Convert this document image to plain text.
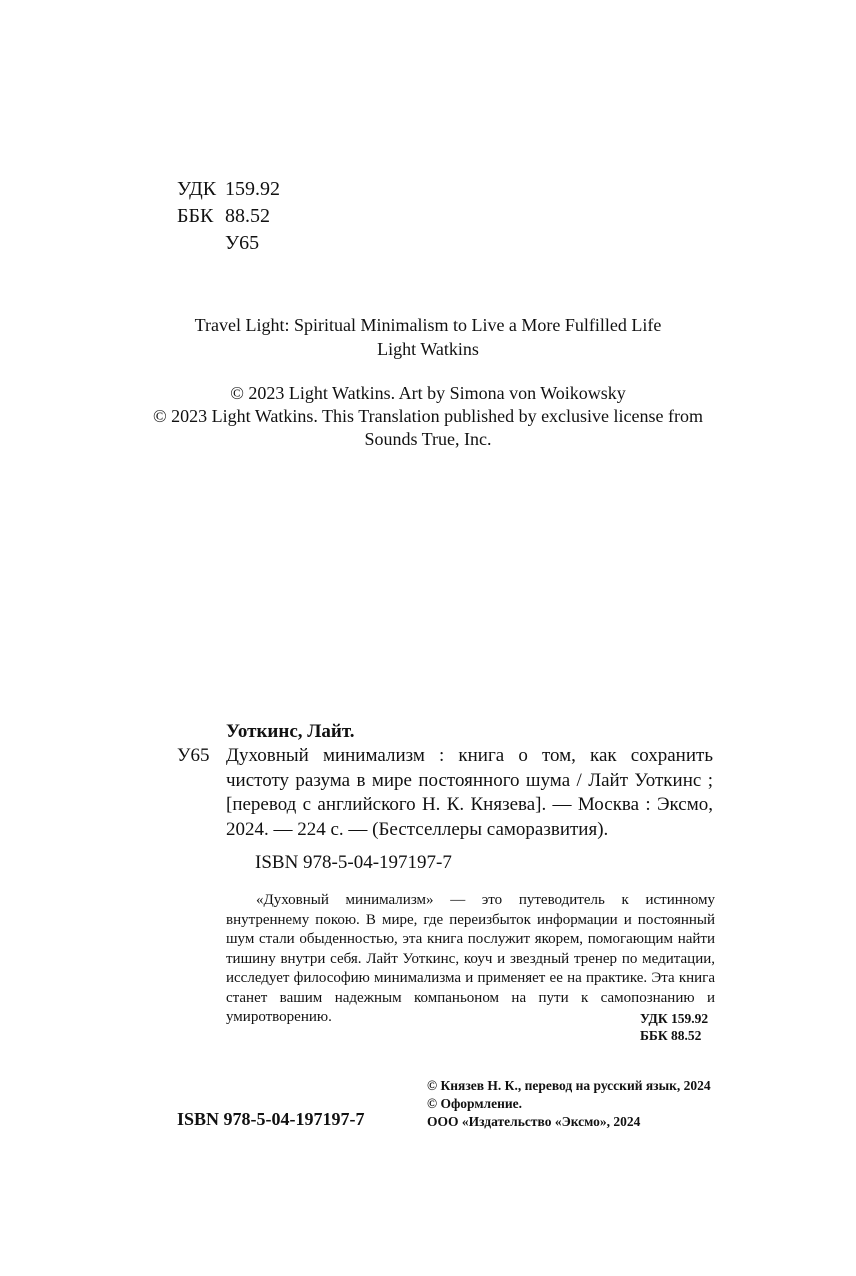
УДК 159.92
ББК 88.52
У65
Travel Light: Spiritual Minimalism to Live a More Fulfilled Life
Light Watkins
© 2023 Light Watkins. Art by Simona von Woikowsky
© 2023 Light Watkins. This Translation published by exclusive license from
Sounds True, Inc.
Уоткинс, Лайт.
У65 Духовный минимализм : книга о том, как сохранить чистоту разума в мире постоянного шума / Лайт Уоткинс ; [перевод с английского Н. К. Князева]. — Москва : Эксмо, 2024. — 224 с. — (Бестселлеры саморазвития).
ISBN 978-5-04-197197-7
«Духовный минимализм» — это путеводитель к истинному внутреннему покою. В мире, где переизбыток информации и постоянный шум стали обыденностью, эта книга послужит якорем, помогающим найти тишину внутри себя. Лайт Уоткинс, коуч и звездный тренер по медитации, исследует философию минимализма и применяет ее на практике. Эта книга станет вашим надежным компаньоном на пути к самопознанию и умиротворению.	УДК 159.92
ББК 88.52
© Князев Н. К., перевод на русский язык, 2024
© Оформление.
ООО «Издательство «Эксмо», 2024
ISBN 978-5-04-197197-7
